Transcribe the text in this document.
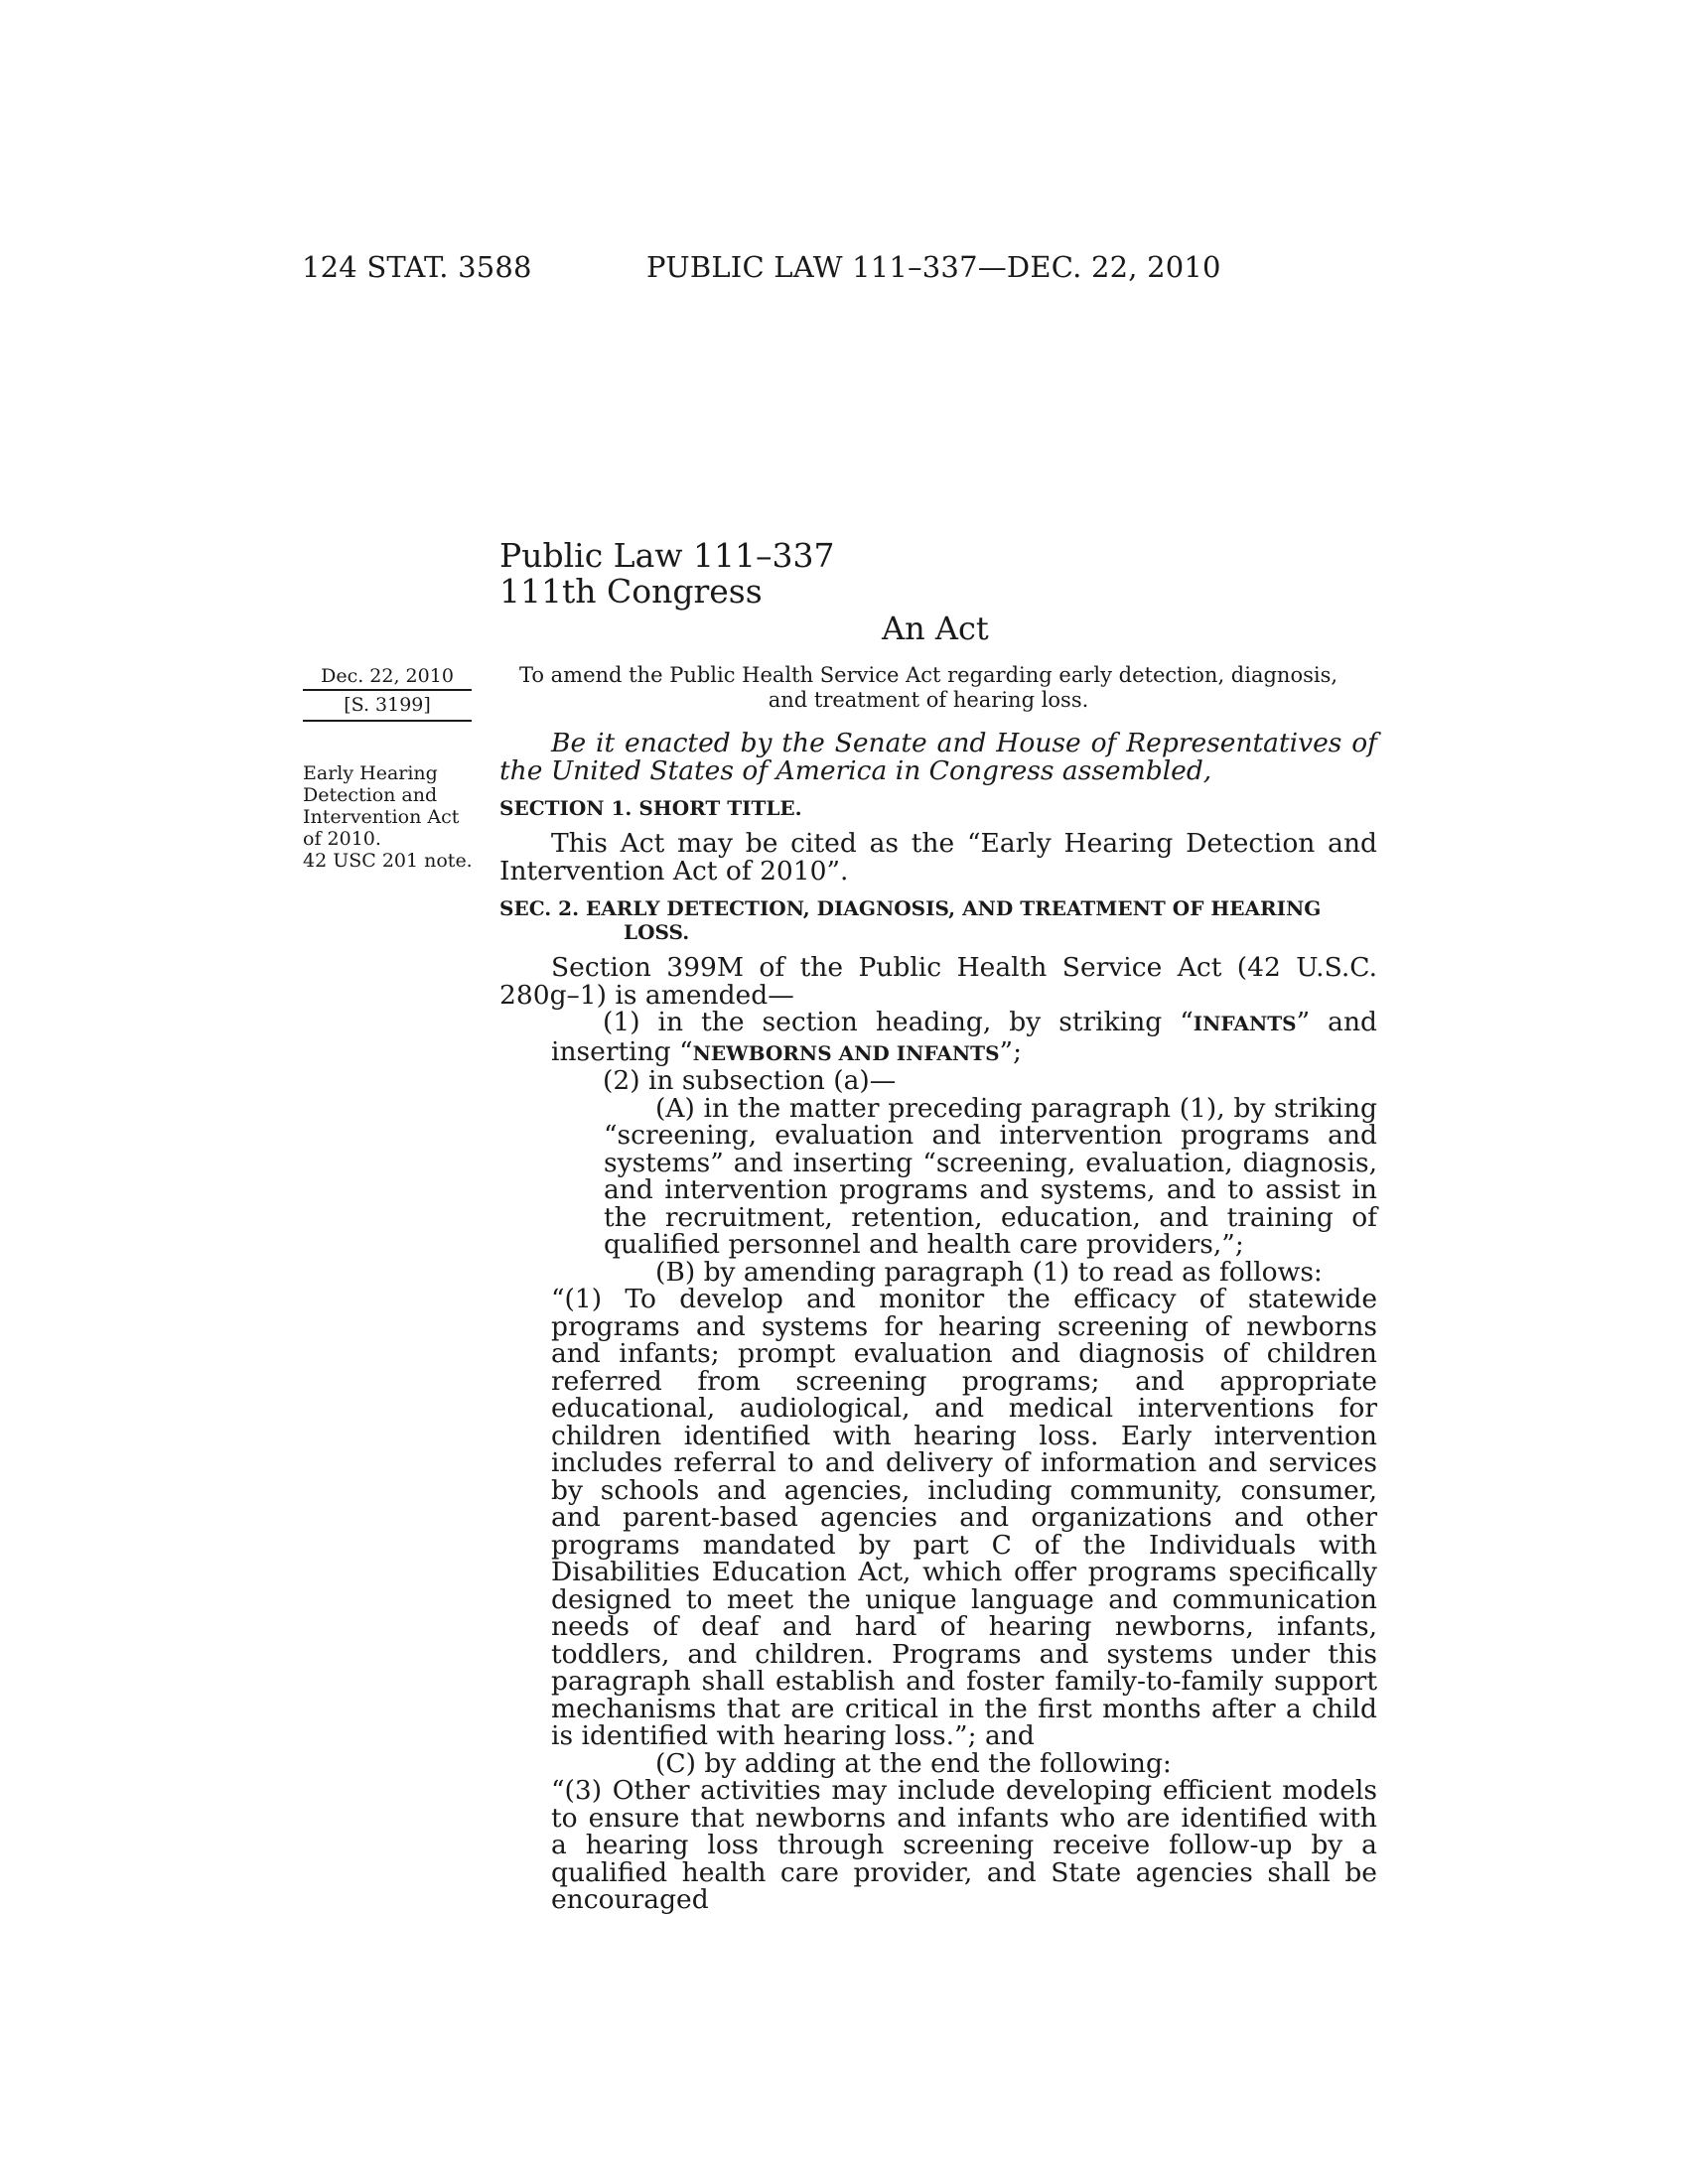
124 STAT. 3588	PUBLIC LAW 111–337—DEC. 22, 2010
Public Law 111–337
111th Congress
An Act
Dec. 22, 2010
[S. 3199]
Early Hearing
Detection and
Intervention Act
of 2010.
42 USC 201 note.
To amend the Public Health Service Act regarding early detection, diagnosis, and treatment of hearing loss.

Be it enacted by the Senate and House of Representatives of the United States of America in Congress assembled,

SECTION 1. SHORT TITLE.

This Act may be cited as the “Early Hearing Detection and Intervention Act of 2010”.

SEC. 2. EARLY DETECTION, DIAGNOSIS, AND TREATMENT OF HEARING LOSS.

Section 399M of the Public Health Service Act (42 U.S.C. 280g–1) is amended—

(1) in the section heading, by striking “INFANTS” and inserting “NEWBORNS AND INFANTS”;

(2) in subsection (a)—

(A) in the matter preceding paragraph (1), by striking “screening, evaluation and intervention programs and systems” and inserting “screening, evaluation, diagnosis, and intervention programs and systems, and to assist in the recruitment, retention, education, and training of qualified personnel and health care providers,”;

(B) by amending paragraph (1) to read as follows:

“(1) To develop and monitor the efficacy of statewide programs and systems for hearing screening of newborns and infants; prompt evaluation and diagnosis of children referred from screening programs; and appropriate educational, audiological, and medical interventions for children identified with hearing loss. Early intervention includes referral to and delivery of information and services by schools and agencies, including community, consumer, and parent-based agencies and organizations and other programs mandated by part C of the Individuals with Disabilities Education Act, which offer programs specifically designed to meet the unique language and communication needs of deaf and hard of hearing newborns, infants, toddlers, and children. Programs and systems under this paragraph shall establish and foster family-to-family support mechanisms that are critical in the first months after a child is identified with hearing loss.”; and

(C) by adding at the end the following:

“(3) Other activities may include developing efficient models to ensure that newborns and infants who are identified with a hearing loss through screening receive follow-up by a qualified health care provider, and State agencies shall be encouraged
